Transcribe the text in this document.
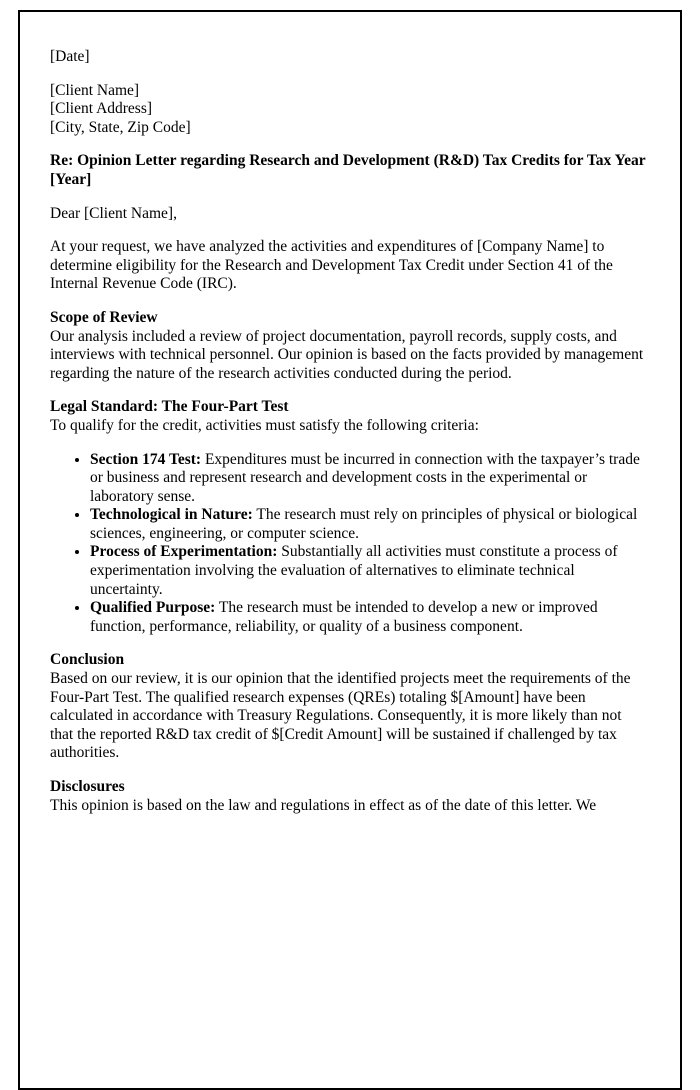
[Date]

[Client Name]

[Client Address]

[City, State, Zip Code]

Re: Opinion Letter regarding Research and Development (R&D) Tax Credits for Tax Year [Year]

Dear [Client Name],

At your request, we have analyzed the activities and expenditures of [Company Name] to determine eligibility for the Research and Development Tax Credit under Section 41 of the Internal Revenue Code (IRC).

Scope of Review

Our analysis included a review of project documentation, payroll records, supply costs, and interviews with technical personnel. Our opinion is based on the facts provided by management regarding the nature of the research activities conducted during the period.

Legal Standard: The Four-Part Test

To qualify for the credit, activities must satisfy the following criteria:

• Section 174 Test: Expenditures must be incurred in connection with the taxpayer’s trade or business and represent research and development costs in the experimental or laboratory sense.
• Technological in Nature: The research must rely on principles of physical or biological sciences, engineering, or computer science.
• Process of Experimentation: Substantially all activities must constitute a process of experimentation involving the evaluation of alternatives to eliminate technical uncertainty.
• Qualified Purpose: The research must be intended to develop a new or improved function, performance, reliability, or quality of a business component.

Conclusion

Based on our review, it is our opinion that the identified projects meet the requirements of the Four-Part Test. The qualified research expenses (QREs) totaling $[Amount] have been calculated in accordance with Treasury Regulations. Consequently, it is more likely than not that the reported R&D tax credit of $[Credit Amount] will be sustained if challenged by tax authorities.

Disclosures

This opinion is based on the law and regulations in effect as of the date of this letter. We
